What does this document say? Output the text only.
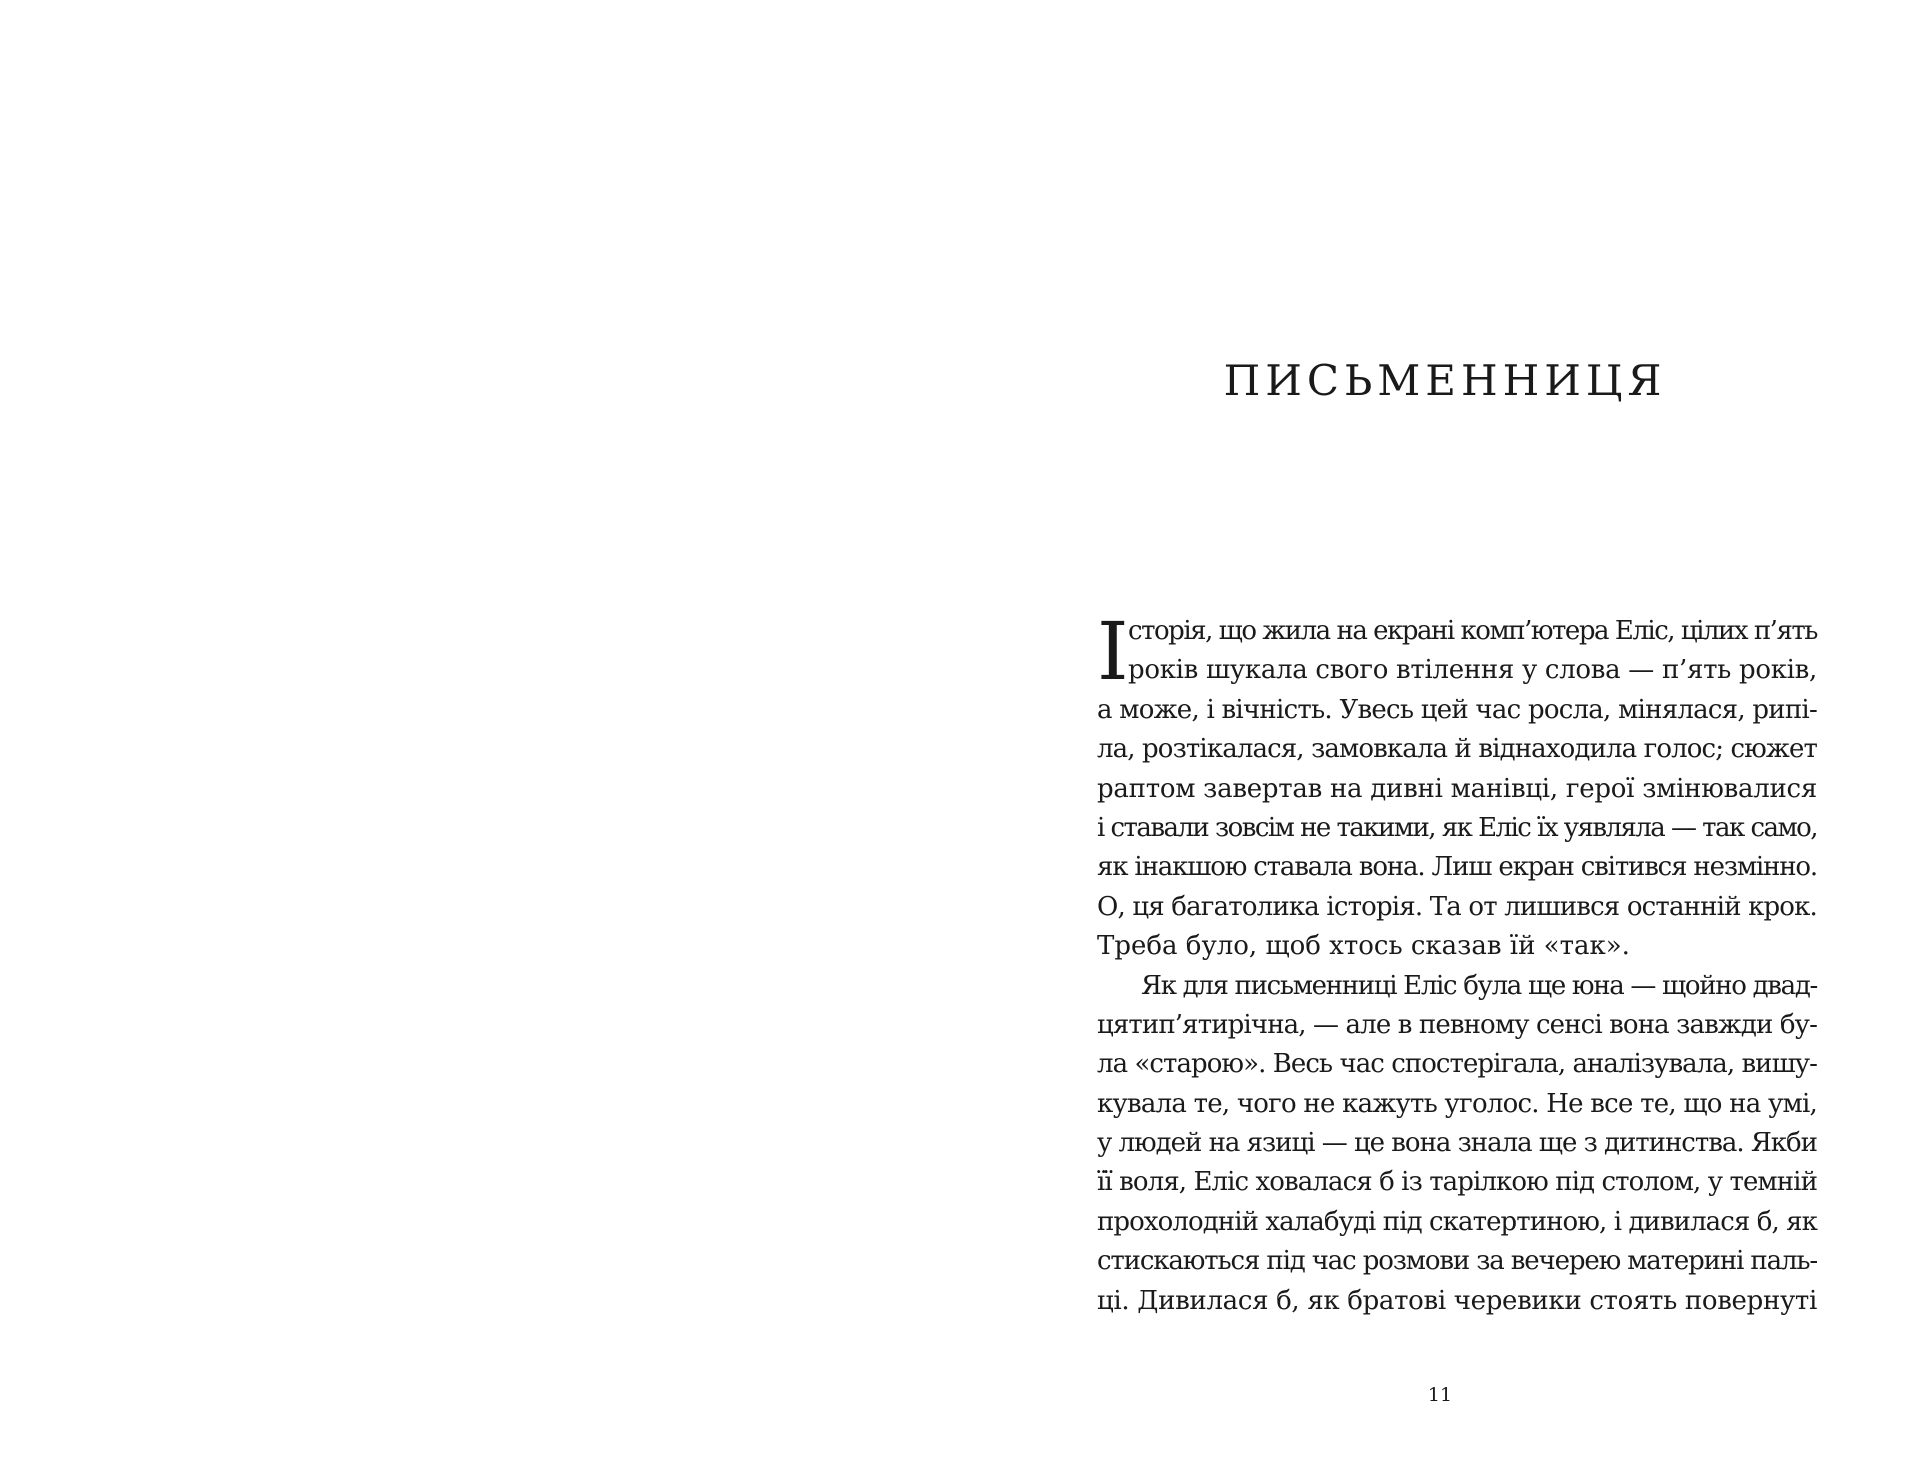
ПИСЬМЕННИЦЯ
І сторія, що жила на екрані комп’ютера Еліс, цілих п’ять
років шукала свого втілення у слова — п’ять років,
а може, і вічність. Увесь цей час росла, мінялася, рипі-
ла, розтікалася, замовкала й віднаходила голос; сюжет
раптом завертав на дивні манівці, герої змінювалися
і ставали зовсім не такими, як Еліс їх уявляла — так само,
як інакшою ставала вона. Лиш екран світився незмінно.
О, ця багатолика історія. Та от лишився останній крок.
Треба було, щоб хтось сказав їй «так».
Як для письменниці Еліс була ще юна — щойно двад-
цятип’ятирічна, — але в певному сенсі вона завжди бу-
ла «старою». Весь час спостерігала, аналізувала, вишу-
кувала те, чого не кажуть уголос. Не все те, що на умі,
у людей на язиці — це вона знала ще з дитинства. Якби
її воля, Еліс ховалася б із тарілкою під столом, у темній
прохолодній халабуді під скатертиною, і дивилася б, як
стискаються під час розмови за вечерею материні паль-
ці. Дивилася б, як братові черевики стоять повернуті
11
